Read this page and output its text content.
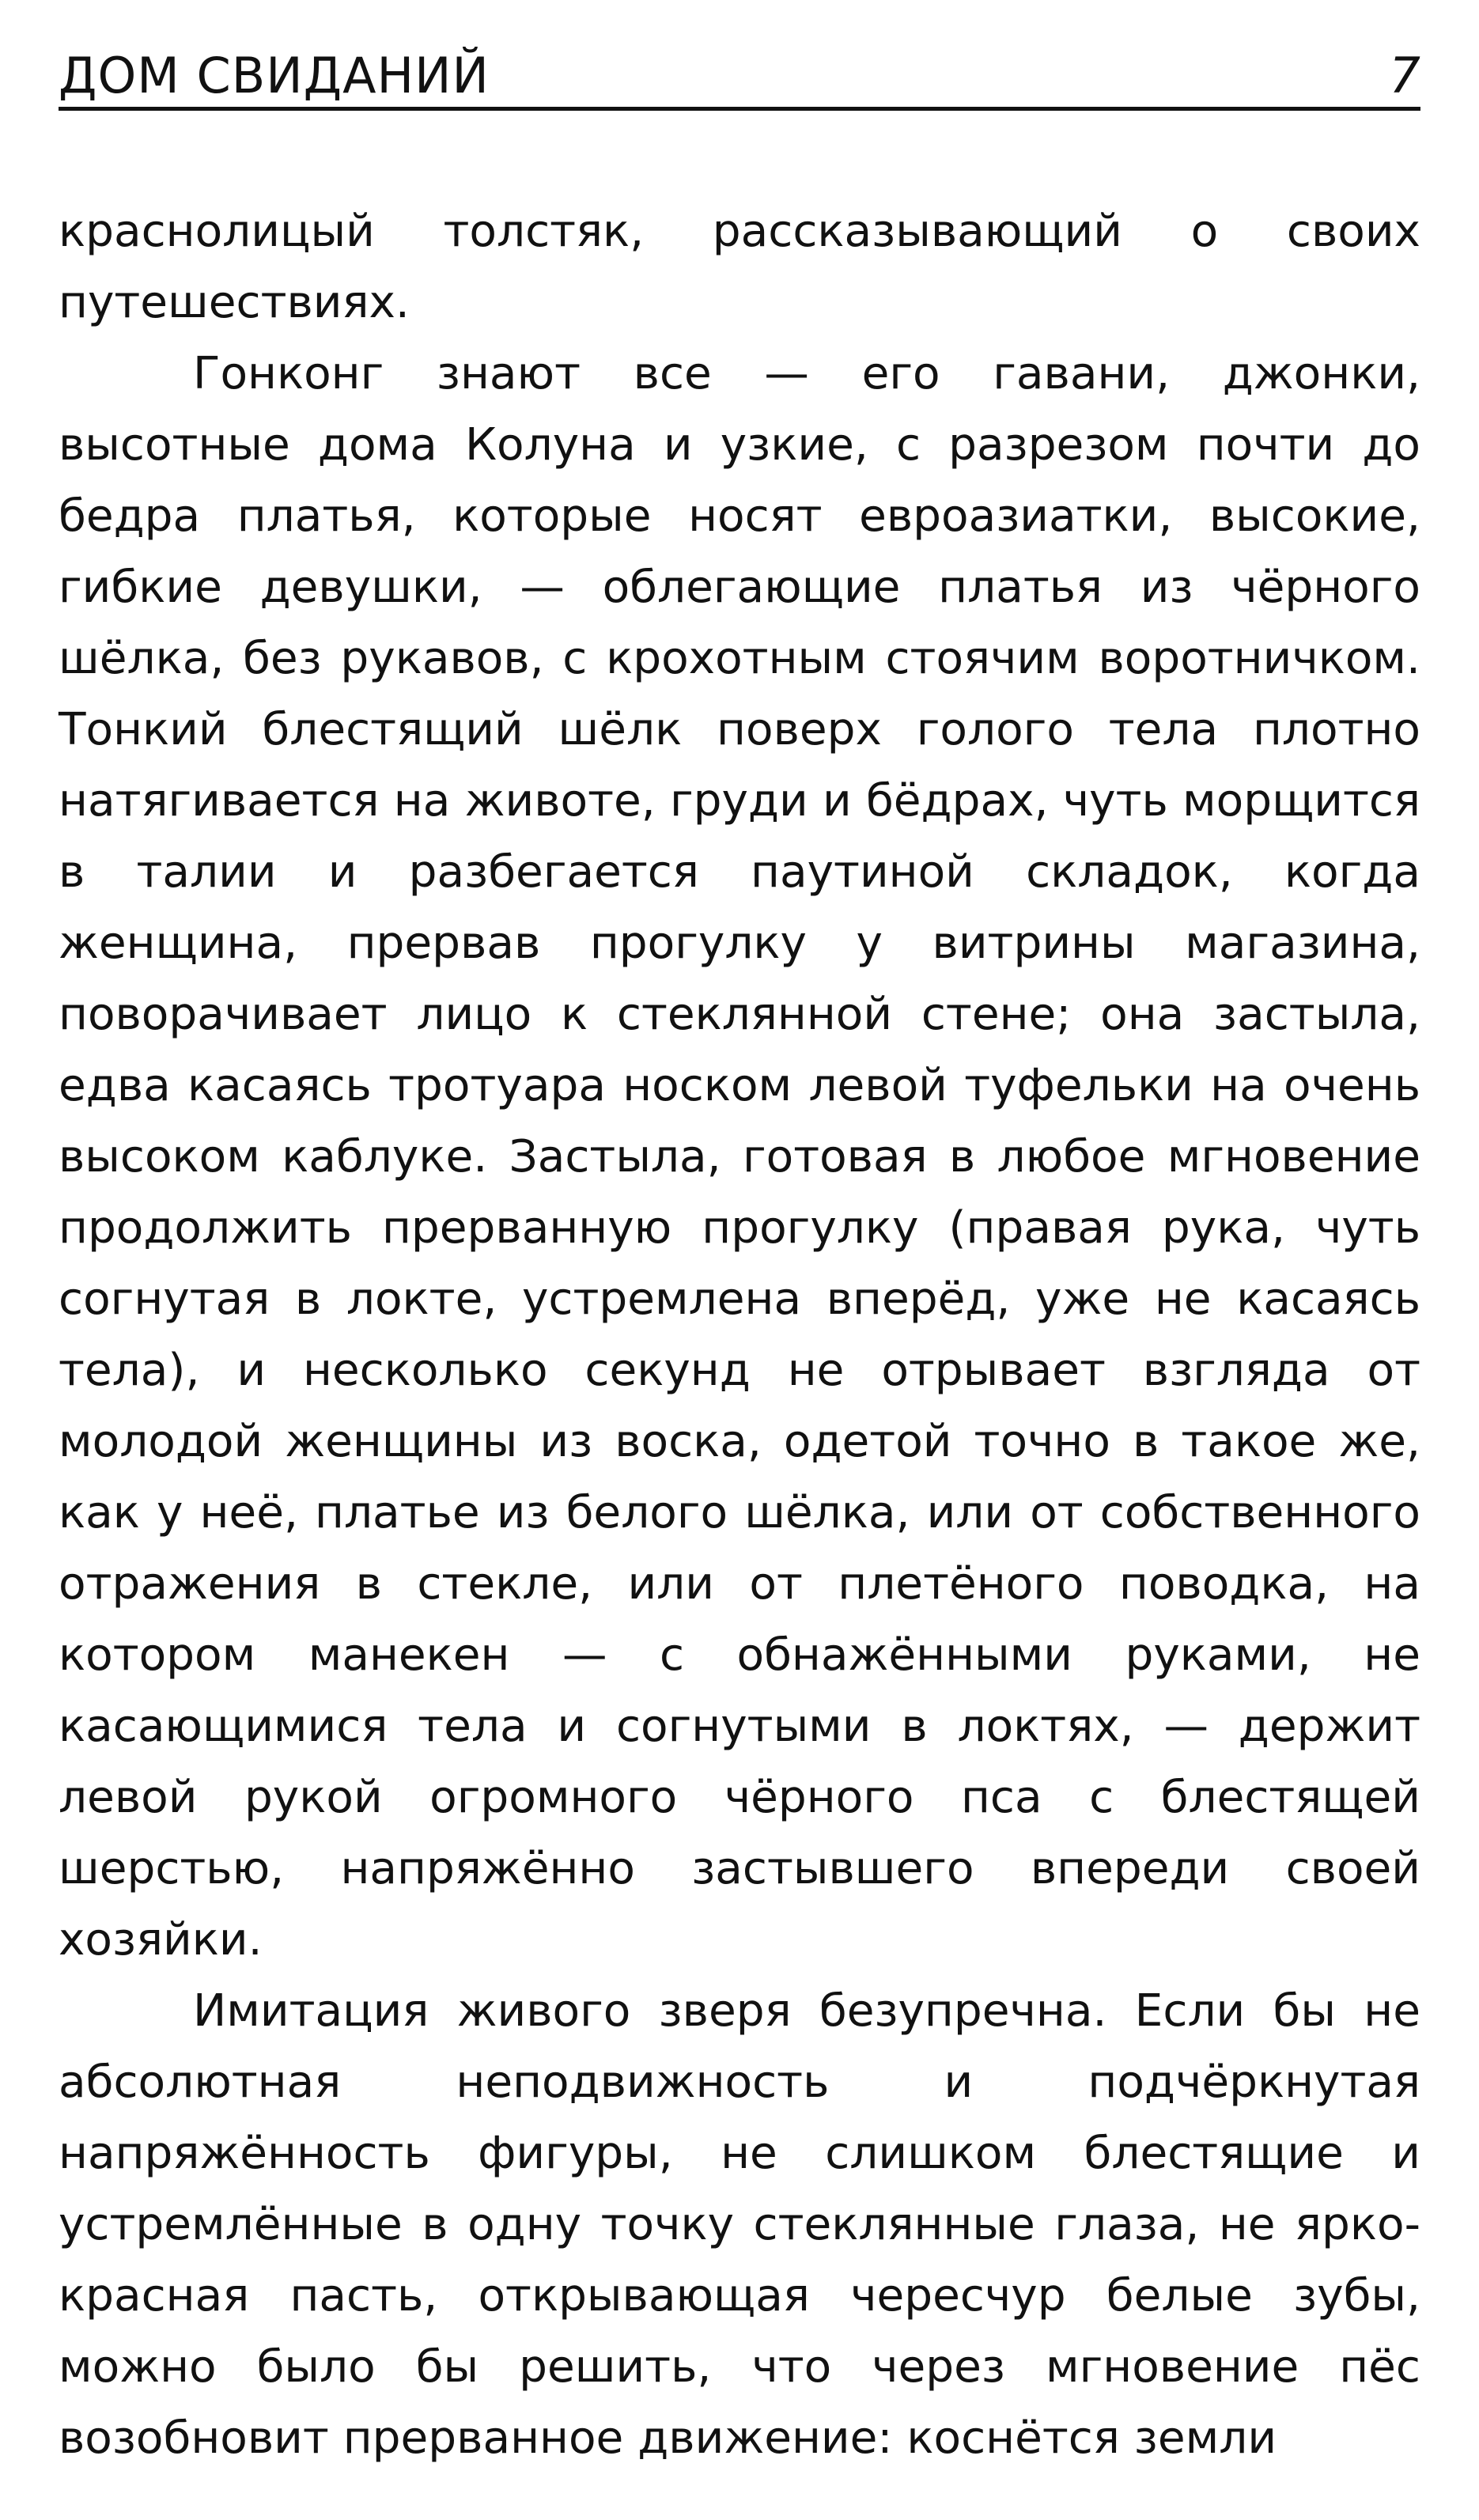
ДОМ СВИДАНИЙ	7

краснолицый толстяк, рассказывающий о своих путешествиях.

Гонконг знают все — его гавани, джонки, высотные дома Колуна и узкие, с разрезом почти до бедра платья, которые носят евроазиатки, высокие, гибкие девушки, — облегающие платья из чёрного шёлка, без рукавов, с крохотным стоячим воротничком. Тонкий блестящий шёлк поверх голого тела плотно натягивается на животе, груди и бёдрах, чуть морщится в талии и разбегается паутиной складок, когда женщина, прервав прогулку у витрины магазина, поворачивает лицо к стеклянной стене; она застыла, едва касаясь тротуара носком левой туфельки на очень высоком каблуке. Застыла, готовая в любое мгновение продолжить прерванную прогулку (правая рука, чуть согнутая в локте, устремлена вперёд, уже не касаясь тела), и несколько секунд не отрывает взгляда от молодой женщины из воска, одетой точно в такое же, как у неё, платье из белого шёлка, или от собственного отражения в стекле, или от плетёного поводка, на котором манекен — с обнажёнными руками, не касающимися тела и согнутыми в локтях, — держит левой рукой огромного чёрного пса с блестящей шерстью, напряжённо застывшего впереди своей хозяйки.

Имитация живого зверя безупречна. Если бы не абсолютная неподвижность и подчёркнутая напряжённость фигуры, не слишком блестящие и устремлённые в одну точку стеклянные глаза, не ярко-красная пасть, открывающая чересчур белые зубы, можно было бы решить, что через мгновение пёс возобновит прерванное движение: коснётся земли
